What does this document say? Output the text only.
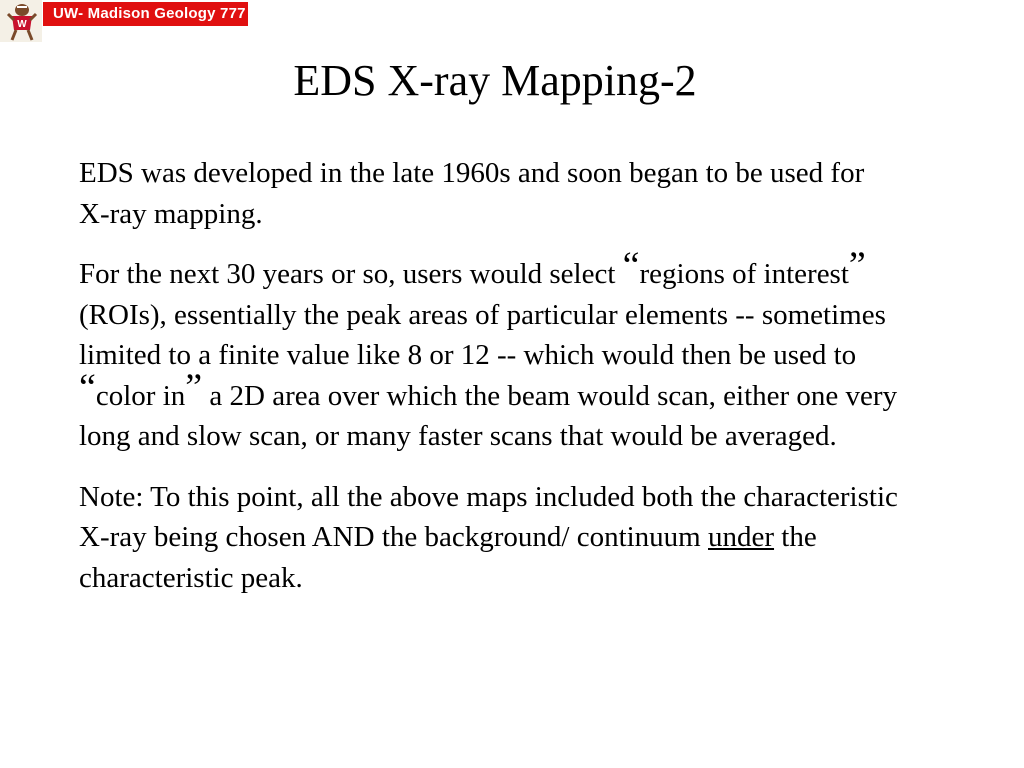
W
UW- Madison Geology 777
EDS X-ray Mapping-2

EDS was developed in the late 1960s and soon began to be used for X-ray mapping.

For the next 30 years or so, users would select “regions of interest” (ROIs), essentially the peak areas of particular elements -- sometimes limited to a finite value like 8 or 12 -- which would then be used to “color in” a 2D area over which the beam would scan, either one very long and slow scan, or many faster scans that would be averaged.

Note: To this point, all the above maps included both the characteristic X-ray being chosen AND the background/ continuum under the characteristic peak.
